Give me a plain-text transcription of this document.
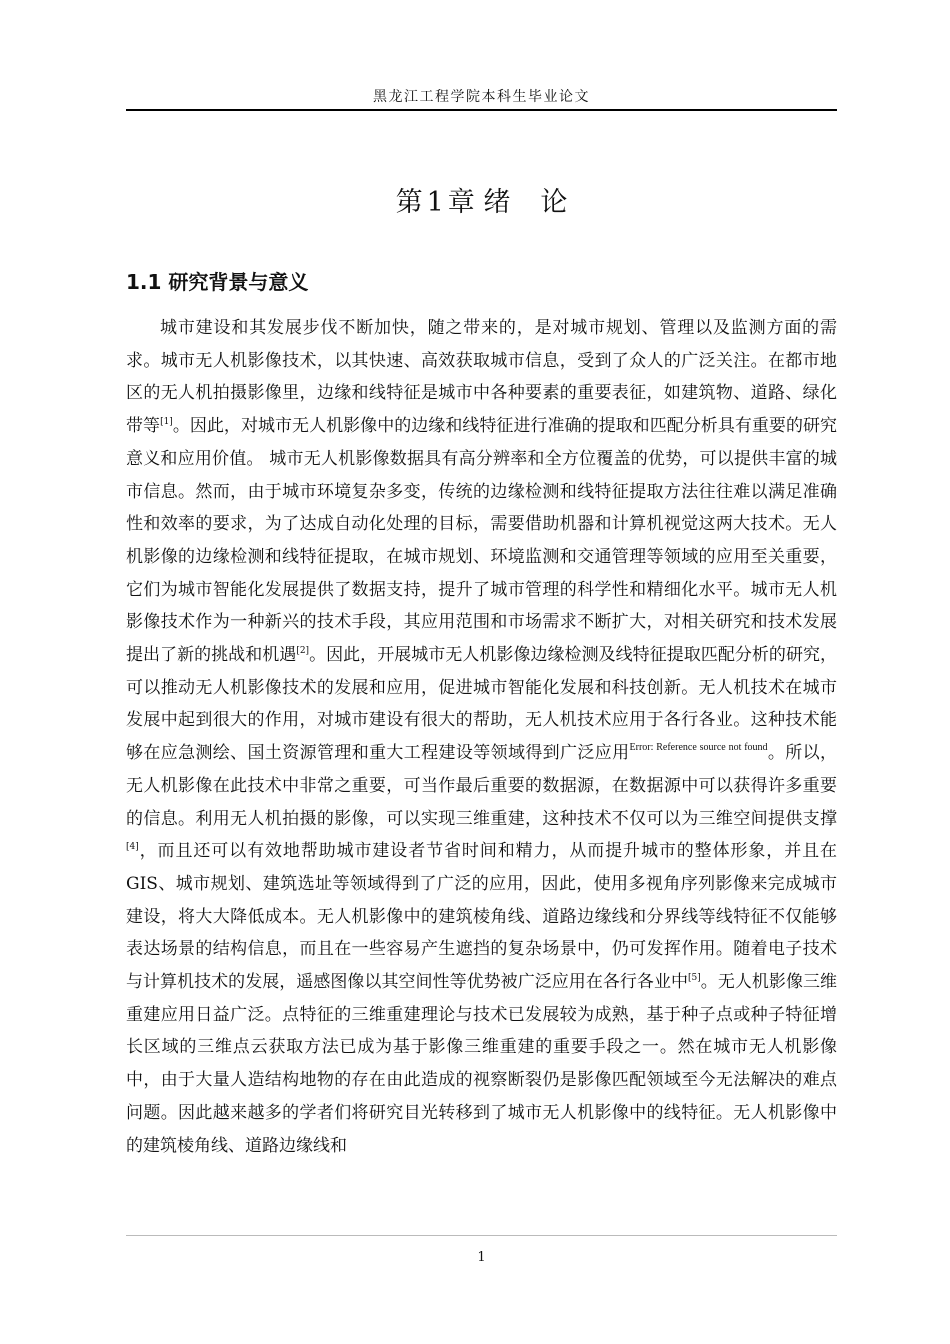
黑龙江工程学院本科生毕业论文
第 1 章 绪 论
1.1 研究背景与意义

城市建设和其发展步伐不断加快，随之带来的，是对城市规划、管理以及监测方面的需求。城市无人机影像技术，以其快速、高效获取城市信息，受到了众人的广泛关注。在都市地区的无人机拍摄影像里，边缘和线特征是城市中各种要素的重要表征，如建筑物、道路、绿化带等[1]。因此，对城市无人机影像中的边缘和线特征进行准确的提取和匹配分析具有重要的研究意义和应用价值。 城市无人机影像数据具有高分辨率和全方位覆盖的优势，可以提供丰富的城市信息。然而，由于城市环境复杂多变，传统的边缘检测和线特征提取方法往往难以满足准确性和效率的要求，为了达成自动化处理的目标，需要借助机器和计算机视觉这两大技术。无人机影像的边缘检测和线特征提取，在城市规划、环境监测和交通管理等领域的应用至关重要，它们为城市智能化发展提供了数据支持，提升了城市管理的科学性和精细化水平。城市无人机影像技术作为一种新兴的技术手段，其应用范围和市场需求不断扩大，对相关研究和技术发展提出了新的挑战和机遇[2]。因此，开展城市无人机影像边缘检测及线特征提取匹配分析的研究，可以推动无人机影像技术的发展和应用，促进城市智能化发展和科技创新。无人机技术在城市发展中起到很大的作用，对城市建设有很大的帮助，无人机技术应用于各行各业。这种技术能够在应急测绘、国土资源管理和重大工程建设等领域得到广泛应用$^{Error: Reference source not found}$。所以，无人机影像在此技术中非常之重要，可当作最后重要的数据源，在数据源中可以获得许多重要的信息。利用无人机拍摄的影像，可以实现三维重建，这种技术不仅可以为三维空间提供支撑[4]，而且还可以有效地帮助城市建设者节省时间和精力，从而提升城市的整体形象，并且在 GIS、城市规划、建筑选址等领域得到了广泛的应用，因此，使用多视角序列影像来完成城市建设，将大大降低成本。无人机影像中的建筑棱角线、道路边缘线和分界线等线特征不仅能够表达场景的结构信息，而且在一些容易产生遮挡的复杂场景中，仍可发挥作用。随着电子技术与计算机技术的发展，遥感图像以其空间性等优势被广泛应用在各行各业中[5]。无人机影像三维重建应用日益广泛。点特征的三维重建理论与技术已发展较为成熟，基于种子点或种子特征增长区域的三维点云获取方法已成为基于影像三维重建的重要手段之一。然在城市无人机影像中，由于大量人造结构地物的存在由此造成的视察断裂仍是影像匹配领域至今无法解决的难点问题。因此越来越多的学者们将研究目光转移到了城市无人机影像中的线特征。无人机影像中的建筑棱角线、道路边缘线和

1
